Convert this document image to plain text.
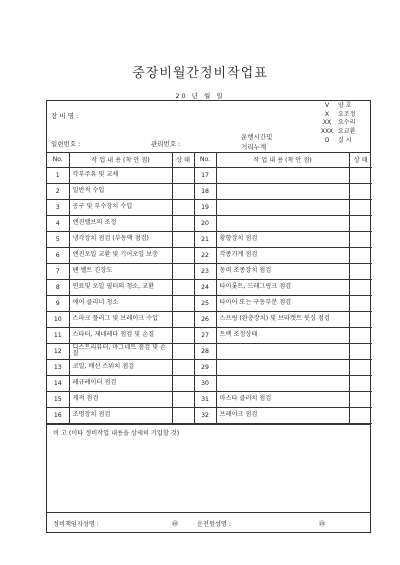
중장비월간정비작업표
20 년 월 일
장 비 명 :
일련번호 :	관리번호 :
운행시간및
거리누계
V	양 호
X	요조정
XX	요수리
XXX 요교환
O	실 시
No.	작 업 내 용 (착 안 점)	상 태	No.	작 업 내 용 (착 안 점)	상 태
1	각부주유 및 교체		17		
2	일반적 수입		18		
3	공구 및 부수장치 수입		19		
4	엔진밸브의 조정		20		
5	냉각장치 점검 (부동액 점검)		21	황향장치 점검	
6	엔진오일 교환 및 기어오일 보충		22	각종기계 점검	
7	팬 벨트 긴장도		23	동력 조종장치 점검	
8	연료및 오일 필터의 청소, 교환		24	타이롯트, 드래그링크 점검	
9	에어 클리너 청소		25	타이어 또는 구동부분 점검	
10	스파크 플러그 및 브레이크 수입		26	스프링 (완충장치) 및 브라켓트 붓싱 점검	
11	스타터, 제네레타 점검 및 손질		27	트랙 조정상태	
12	디스트리뷰터, 마그네트 점검 및 손질		28		
13	코일, 배선 스위치 점검		29		
14	레규레이터 점검		30		
15	게적 점검		31	마스타 클러치 점검	
16	조명장치 점검		32	브레이크 점검	
비 고 (이타 정비작업 내용을 상세히 기입할 것)
정비책임자성명 :	㊞	운전원성명 :	㊞
